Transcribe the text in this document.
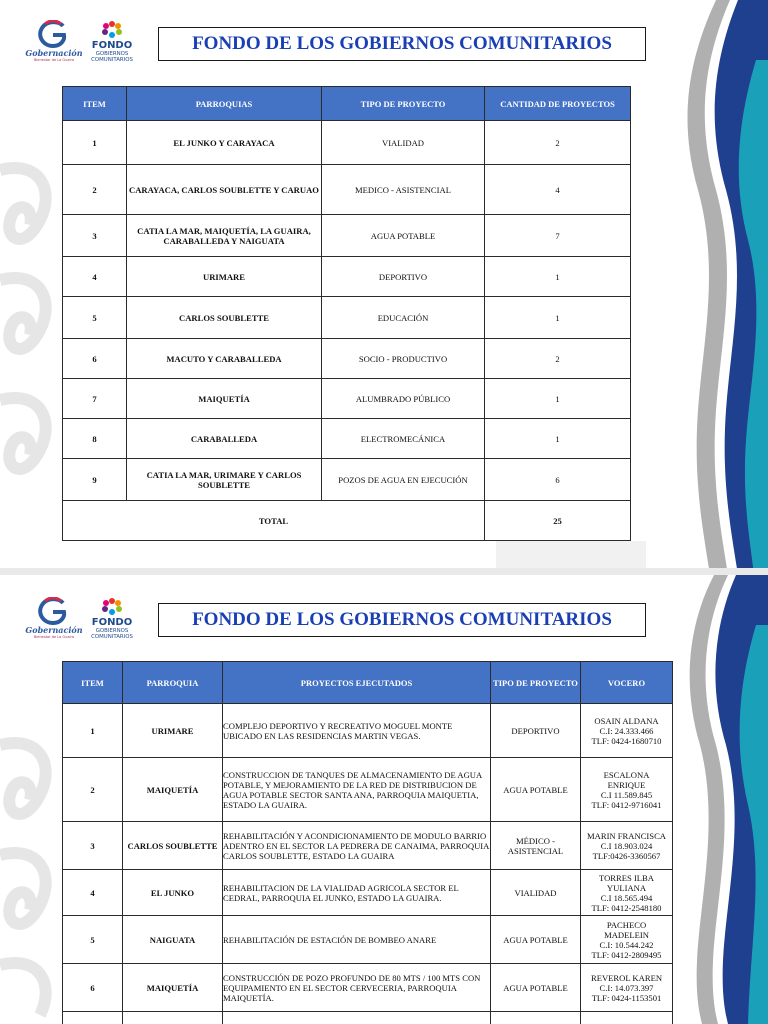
Gobernación
Bienestar de La Guaira
FONDO
GOBIERNOS
COMUNITARIOS
FONDO DE LOS GOBIERNOS COMUNITARIOS
ITEM	PARROQUIAS	TIPO DE PROYECTO	CANTIDAD DE PROYECTOS
1	EL JUNKO Y CARAYACA	VIALIDAD	2
2	CARAYACA, CARLOS SOUBLETTE Y CARUAO	MEDICO - ASISTENCIAL	4
3	CATIA LA MAR, MAIQUETÍA, LA GUAIRA, CARABALLEDA Y NAIGUATA	AGUA POTABLE	7
4	URIMARE	DEPORTIVO	1
5	CARLOS SOUBLETTE	EDUCACIÓN	1
6	MACUTO Y CARABALLEDA	SOCIO - PRODUCTIVO	2
7	MAIQUETÍA	ALUMBRADO PÚBLICO	1
8	CARABALLEDA	ELECTROMECÁNICA	1
9	CATIA LA MAR, URIMARE Y CARLOS SOUBLETTE	POZOS DE AGUA EN EJECUCIÓN	6
TOTAL			25
Gobernación
Bienestar de La Guaira
FONDO
GOBIERNOS
COMUNITARIOS
FONDO DE LOS GOBIERNOS COMUNITARIOS
ITEM	PARROQUIA	PROYECTOS EJECUTADOS	TIPO DE PROYECTO	VOCERO
1	URIMARE	COMPLEJO DEPORTIVO Y RECREATIVO MOGUEL MONTE UBICADO EN LAS RESIDENCIAS MARTIN VEGAS.	DEPORTIVO	OSAIN ALDANA
C.I: 24.333.466
TLF: 0424-1680710
2	MAIQUETÍA	CONSTRUCCION DE TANQUES DE ALMACENAMIENTO DE AGUA POTABLE, Y MEJORAMIENTO DE LA RED DE DISTRIBUCION DE AGUA POTABLE SECTOR SANTA ANA, PARROQUIA MAIQUETIA, ESTADO LA GUAIRA.	AGUA POTABLE	ESCALONA
ENRIQUE
C.I 11.589.845
TLF: 0412-9716041
3	CARLOS SOUBLETTE	REHABILITACIÓN Y ACONDICIONAMIENTO DE MODULO BARRIO ADENTRO EN EL SECTOR LA PEDRERA DE CANAIMA, PARROQUIA CARLOS SOUBLETTE, ESTADO LA GUAIRA	MÉDICO - ASISTENCIAL	MARIN FRANCISCA
C.I 18.903.024
TLF:0426-3360567
4	EL JUNKO	REHABILITACION DE LA VIALIDAD AGRICOLA SECTOR EL CEDRAL, PARROQUIA EL JUNKO, ESTADO LA GUAIRA.	VIALIDAD	TORRES ILBA
YULIANA
C.I 18.565.494
TLF: 0412-2548180
5	NAIGUATA	REHABILITACIÓN DE ESTACIÓN DE BOMBEO ANARE	AGUA POTABLE	PACHECO
MADELEIN
C.I: 10.544.242
TLF: 0412-2809495
6	MAIQUETÍA	CONSTRUCCIÓN DE POZO PROFUNDO DE 80 MTS / 100 MTS CON EQUIPAMIENTO EN EL SECTOR CERVECERIA, PARROQUIA MAIQUETÍA.	AGUA POTABLE	REVEROL KAREN
C.I: 14.073.397
TLF: 0424-1153501
